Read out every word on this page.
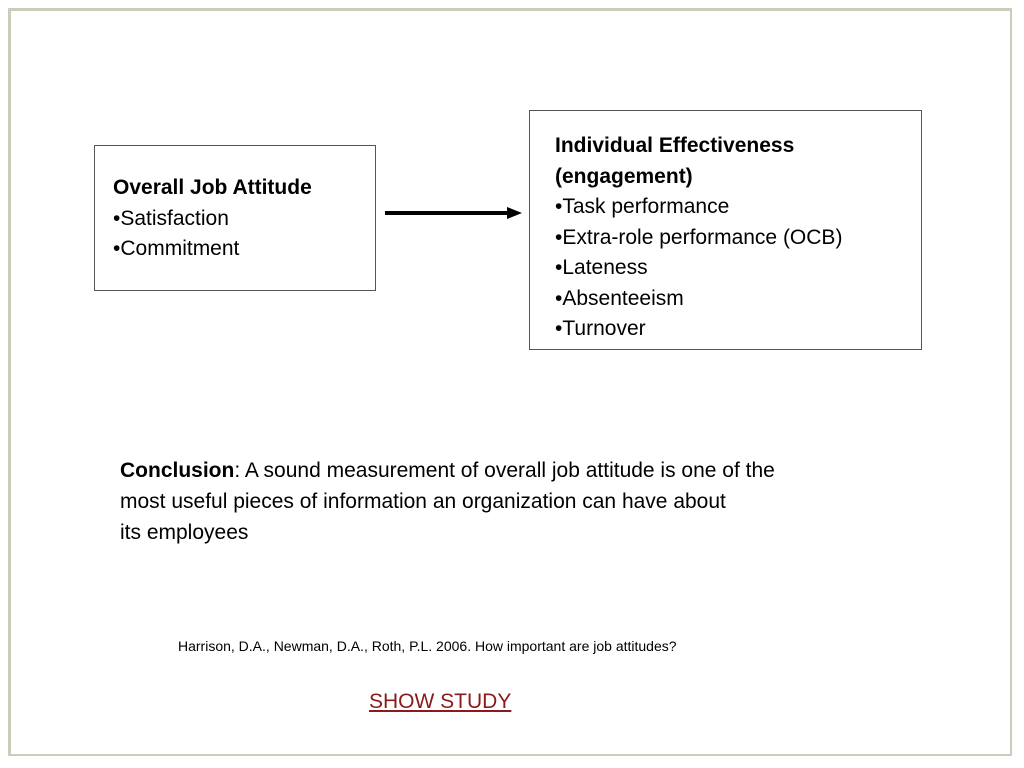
Overall Job Attitude
• Satisfaction
• Commitment
Individual Effectiveness
(engagement)
• Task performance
• Extra-role performance (OCB)
• Lateness
• Absenteeism
• Turnover
Conclusion: A sound measurement of overall job attitude is one of the
most useful pieces of information an organization can have about
its employees
Harrison, D.A., Newman, D.A., Roth, P.L. 2006. How important are job attitudes?
SHOW STUDY
